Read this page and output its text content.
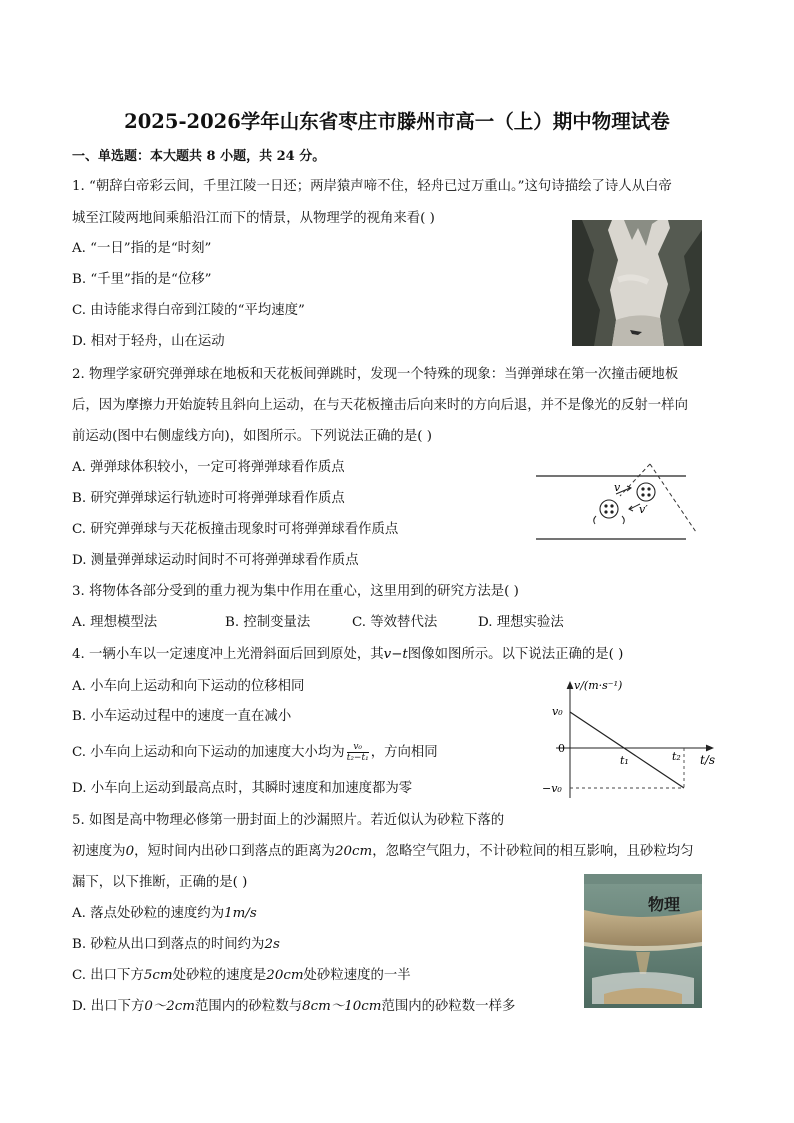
2025-2026学年山东省枣庄市滕州市高一（上）期中物理试卷
一、单选题：本大题共 8 小题，共 24 分。
1. “朝辞白帝彩云间，千里江陵一日还；两岸猿声啼不住，轻舟已过万重山。”这句诗描绘了诗人从白帝
城至江陵两地间乘船沿江而下的情景，从物理学的视角来看( )
A. “一日”指的是“时刻”
B. “千里”指的是“位移”
C. 由诗能求得白帝到江陵的“平均速度”
D. 相对于轻舟，山在运动
2. 物理学家研究弹弹球在地板和天花板间弹跳时，发现一个特殊的现象：当弹弹球在第一次撞击硬地板
后，因为摩擦力开始旋转且斜向上运动，在与天花板撞击后向来时的方向后退，并不是像光的反射一样向
前运动(图中右侧虚线方向)，如图所示。下列说法正确的是( )
A. 弹弹球体积较小，一定可将弹弹球看作质点
B. 研究弹弹球运行轨迹时可将弹弹球看作质点
C. 研究弹弹球与天花板撞击现象时可将弹弹球看作质点
D. 测量弹弹球运动时间时不可将弹弹球看作质点
v
v′
3. 将物体各部分受到的重力视为集中作用在重心，这里用到的研究方法是( )
A. 理想模型法	B. 控制变量法	C. 等效替代法	D. 理想实验法
4. 一辆小车以一定速度冲上光滑斜面后回到原处，其v−t图像如图所示。以下说法正确的是( )
A. 小车向上运动和向下运动的位移相同
B. 小车运动过程中的速度一直在减小
C. 小车向上运动和向下运动的加速度大小均为 $\frac{\text{v₀}}{\text{t₂−t₁}}$ ，方向相同
D. 小车向上运动到最高点时，其瞬时速度和加速度都为零
v/(m·s⁻¹)
v₀
0
−v₀
t₁	t₂ t/s
5. 如图是高中物理必修第一册封面上的沙漏照片。若近似认为砂粒下落的
初速度为0，短时间内出砂口到落点的距离为20cm，忽略空气阻力，不计砂粒间的相互影响，且砂粒均匀
漏下，以下推断，正确的是( )
A. 落点处砂粒的速度约为1m/s
B. 砂粒从出口到落点的时间约为2s
C. 出口下方5cm处砂粒的速度是20cm处砂粒速度的一半
D. 出口下方0～2cm范围内的砂粒数与8cm～10cm范围内的砂粒数一样多
物理
